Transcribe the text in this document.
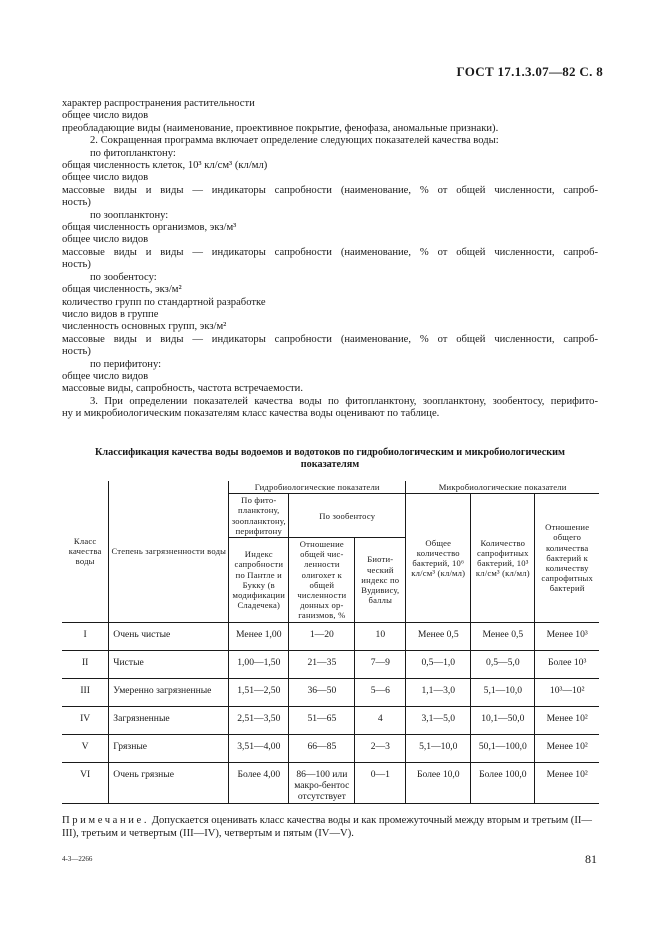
ГОСТ 17.1.3.07—82 С. 8
характер распространения растительности
общее число видов
преобладающие виды (наименование, проективное покрытие, фенофаза, аномальные признаки).
2. Сокращенная программа включает определение следующих показателей качества воды:
по фитопланктону:
общая численность клеток, 10³ кл/см³ (кл/мл)
общее число видов
массовые виды и виды — индикаторы сапробности (наименование, % от общей численности, сапроб-
ность)
по зоопланктону:
общая численность организмов, экз/м³
общее число видов
массовые виды и виды — индикаторы сапробности (наименование, % от общей численности, сапроб-
ность)
по зообентосу:
общая численность, экз/м²
количество групп по стандартной разработке
число видов в группе
численность основных групп, экз/м²
массовые виды и виды — индикаторы сапробности (наименование, % от общей численности, сапроб-
ность)
по перифитону:
общее число видов
массовые виды, сапробность, частота встречаемости.
3. При определении показателей качества воды по фитопланктону, зоопланктону, зообентосу, перифито-
ну и микробиологическим показателям класс качества воды оценивают по таблице.
Классификация качества воды водоемов и водотоков по гидробиологическим и микробиологическим
показателям
Класс качества воды	Степень загрязненности воды	Гидробиологические показатели			Микробиологические показатели		
		По фито-планктону, зоопланктону, перифитону	По зообентосу		Общее количество бактерий, 10⁶ кл/см³ (кл/мл)	Количество сапрофитных бактерий, 10³ кл/см³ (кл/мл)	Отношение общего количества бактерий к количеству сапрофитных бактерий
		Индекс сапробности по Пантле и Букку (в модификации Сладечека)	Отношение общей чис-ленности олигохет к общей численности донных ор-ганизмов, %	Биоти-ческий индекс по Вудивису, баллы			

I	Очень чистые	Менее 1,00	1—20	10	Менее 0,5	Менее 0,5	Менее 10³
II	Чистые	1,00—1,50	21—35	7—9	0,5—1,0	0,5—5,0	Более 10³
III	Умеренно загрязненные	1,51—2,50	36—50	5—6	1,1—3,0	5,1—10,0	10³—10²
IV	Загрязненные	2,51—3,50	51—65	4	3,1—5,0	10,1—50,0	Менее 10²
V	Грязные	3,51—4,00	66—85	2—3	5,1—10,0	50,1—100,0	Менее 10²
VI	Очень грязные	Более 4,00	86—100 или макро-бентос отсутствует	0—1	Более 10,0	Более 100,0	Менее 10²
Примечание. Допускается оценивать класс качества воды и как промежуточный между вторым и третьим (II—III), третьим и четвертым (III—IV), четвертым и пятым (IV—V).
4-3—2266	81
